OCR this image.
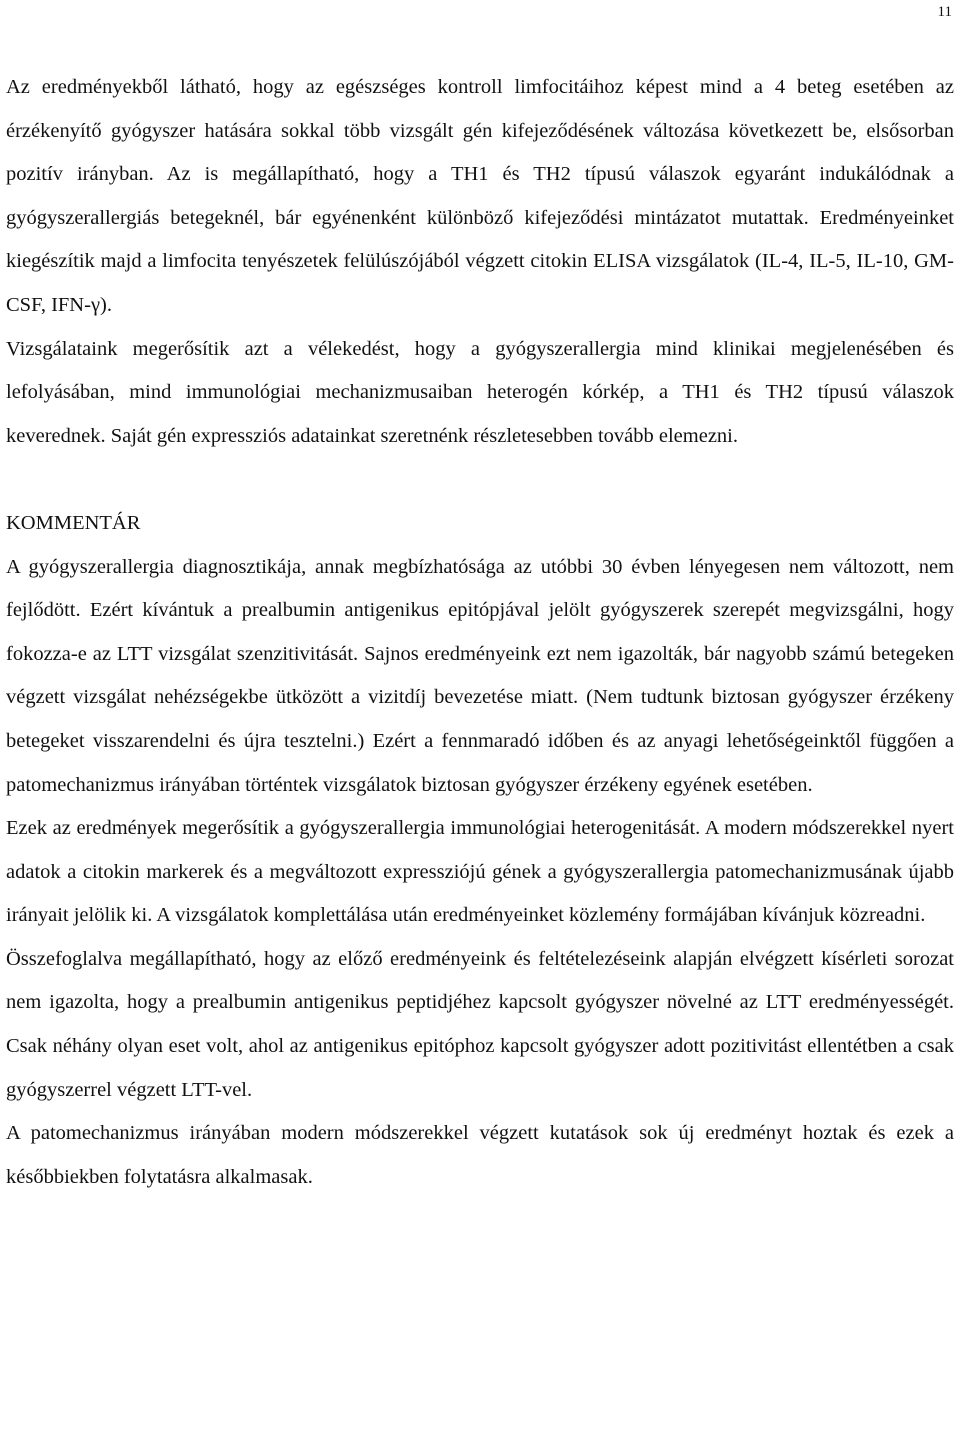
11

Az eredményekből látható, hogy az egészséges kontroll limfocitáihoz képest mind a 4 beteg esetében az érzékenyítő gyógyszer hatására sokkal több vizsgált gén kifejeződésének változása következett be, elsősorban pozitív irányban. Az is megállapítható, hogy a TH1 és TH2 típusú válaszok egyaránt indukálódnak a gyógyszerallergiás betegeknél, bár egyénenként különböző kifejeződési mintázatot mutattak. Eredményeinket kiegészítik majd a limfocita tenyészetek felülúszójából végzett citokin ELISA vizsgálatok (IL-4, IL-5, IL-10, GM-CSF, IFN-γ).

Vizsgálataink megerősítik azt a vélekedést, hogy a gyógyszerallergia mind klinikai megjelenésében és lefolyásában, mind immunológiai mechanizmusaiban heterogén kórkép, a TH1 és TH2 típusú válaszok keverednek. Saját gén expressziós adatainkat szeretnénk részletesebben tovább elemezni.

KOMMENTÁR

A gyógyszerallergia diagnosztikája, annak megbízhatósága az utóbbi 30 évben lényegesen nem változott, nem fejlődött. Ezért kívántuk a prealbumin antigenikus epitópjával jelölt gyógyszerek szerepét megvizsgálni, hogy fokozza-e az LTT vizsgálat szenzitivitását. Sajnos eredményeink ezt nem igazolták, bár nagyobb számú betegeken végzett vizsgálat nehézségekbe ütközött a vizitdíj bevezetése miatt. (Nem tudtunk biztosan gyógyszer érzékeny betegeket visszarendelni és újra tesztelni.) Ezért a fennmaradó időben és az anyagi lehetőségeinktől függően a patomechanizmus irányában történtek vizsgálatok biztosan gyógyszer érzékeny egyének esetében.

Ezek az eredmények megerősítik a gyógyszerallergia immunológiai heterogenitását. A modern módszerekkel nyert adatok a citokin markerek és a megváltozott expressziójú gének a gyógyszerallergia patomechanizmusának újabb irányait jelölik ki. A vizsgálatok komplettálása után eredményeinket közlemény formájában kívánjuk közreadni.

Összefoglalva megállapítható, hogy az előző eredményeink és feltételezéseink alapján elvégzett kísérleti sorozat nem igazolta, hogy a prealbumin antigenikus peptidjéhez kapcsolt gyógyszer növelné az LTT eredményességét. Csak néhány olyan eset volt, ahol az antigenikus epitóphoz kapcsolt gyógyszer adott pozitivitást ellentétben a csak gyógyszerrel végzett LTT-vel.

A patomechanizmus irányában modern módszerekkel végzett kutatások sok új eredményt hoztak és ezek a későbbiekben folytatásra alkalmasak.
